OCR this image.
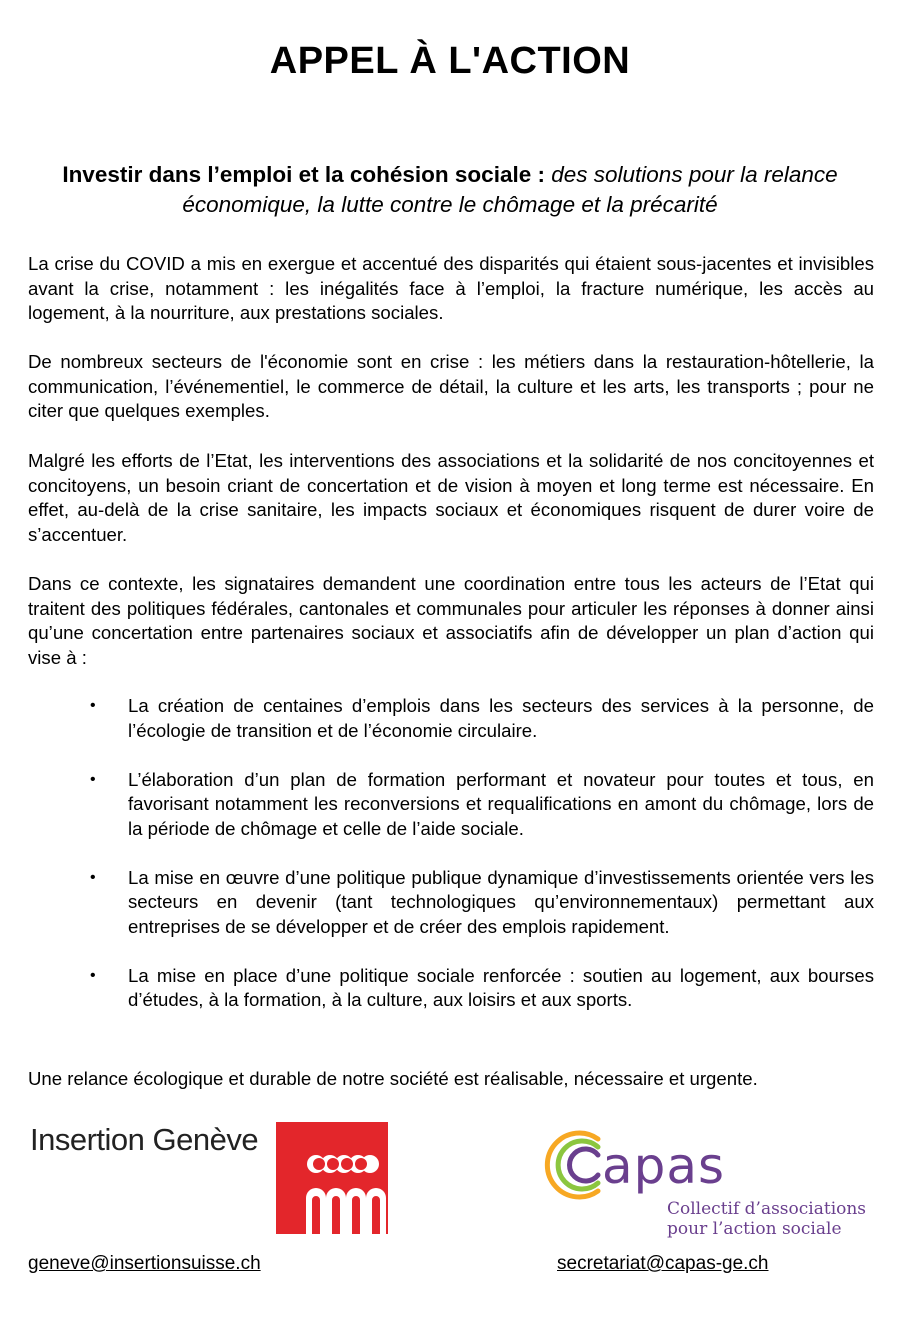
APPEL À L'ACTION
Investir dans l’emploi et la cohésion sociale : des solutions pour la relance économique, la lutte contre le chômage et la précarité
La crise du COVID a mis en exergue et accentué des disparités qui étaient sous-jacentes et invisibles avant la crise, notamment : les inégalités face à l’emploi, la fracture numérique, les accès au logement, à la nourriture, aux prestations sociales.
De nombreux secteurs de l'économie sont en crise : les métiers dans la restauration-hôtellerie, la communication, l’événementiel, le commerce de détail, la culture et les arts, les transports ; pour ne citer que quelques exemples.
Malgré les efforts de l’Etat, les interventions des associations et la solidarité de nos concitoyennes et concitoyens, un besoin criant de concertation et de vision à moyen et long terme est nécessaire. En effet, au-delà de la crise sanitaire, les impacts sociaux et économiques risquent de durer voire de s’accentuer.
Dans ce contexte, les signataires demandent une coordination entre tous les acteurs de l’Etat qui traitent des politiques fédérales, cantonales et communales pour articuler les réponses à donner ainsi qu’une concertation entre partenaires sociaux et associatifs afin de développer un plan d’action qui vise à :
• La création de centaines d’emplois dans les secteurs des services à la personne, de l’écologie de transition et de l’économie circulaire.
• L’élaboration d’un plan de formation performant et novateur pour toutes et tous, en favorisant notamment les reconversions et requalifications en amont du chômage, lors de la période de chômage et celle de l’aide sociale.
• La mise en œuvre d’une politique publique dynamique d’investissements orientée vers les secteurs en devenir (tant technologiques qu’environnementaux) permettant aux entreprises de se développer et de créer des emplois rapidement.
• La mise en place d’une politique sociale renforcée : soutien au logement, aux bourses d’études, à la formation, à la culture, aux loisirs et aux sports.
Une relance écologique et durable de notre société est réalisable, nécessaire et urgente.
Insertion Genève	apas
Collectif d’associations
pour l’action sociale
geneve@insertionsuisse.ch	secretariat@capas-ge.ch
